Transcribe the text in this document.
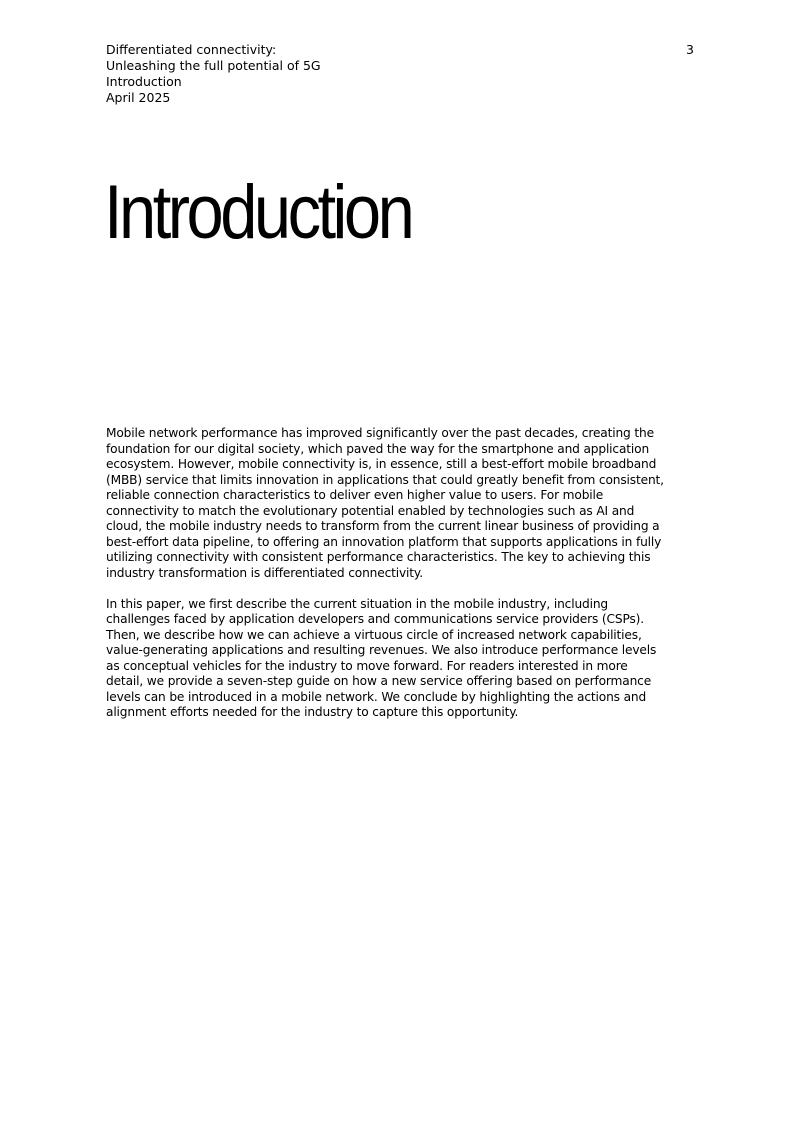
Differentiated connectivity:
Unleashing the full potential of 5G
Introduction
April 2025
3
Introduction

Mobile network performance has improved significantly over the past decades, creating the foundation for our digital society, which paved the way for the smartphone and application ecosystem. However, mobile connectivity is, in essence, still a best-effort mobile broadband (MBB) service that limits innovation in applications that could greatly benefit from consistent, reliable connection characteristics to deliver even higher value to users. For mobile connectivity to match the evolutionary potential enabled by technologies such as AI and cloud, the mobile industry needs to transform from the current linear business of providing a best-effort data pipeline, to offering an innovation platform that supports applications in fully utilizing connectivity with consistent performance characteristics. The key to achieving this industry transformation is differentiated connectivity.

In this paper, we first describe the current situation in the mobile industry, including challenges faced by application developers and communications service providers (CSPs). Then, we describe how we can achieve a virtuous circle of increased network capabilities, value-generating applications and resulting revenues. We also introduce performance levels as conceptual vehicles for the industry to move forward. For readers interested in more detail, we provide a seven-step guide on how a new service offering based on performance levels can be introduced in a mobile network. We conclude by highlighting the actions and alignment efforts needed for the industry to capture this opportunity.
